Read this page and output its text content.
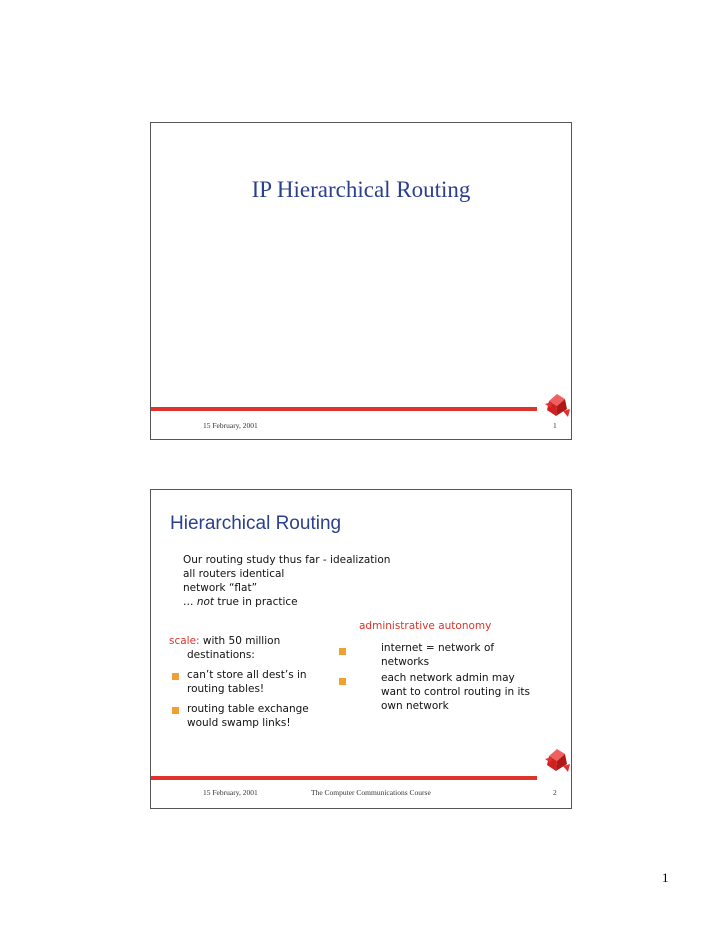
IP Hierarchical Routing
15 February, 2001	1
Hierarchical Routing
Our routing study thus far - idealization
all routers identical
network “flat”
… not true in practice
administrative autonomy
scale: with 50 million
destinations:
can’t store all dest’s in
routing tables!
routing table exchange
would swamp links!
internet = network of
networks
each network admin may
want to control routing in its
own network
15 February, 2001	The Computer Communications Course	2
1
